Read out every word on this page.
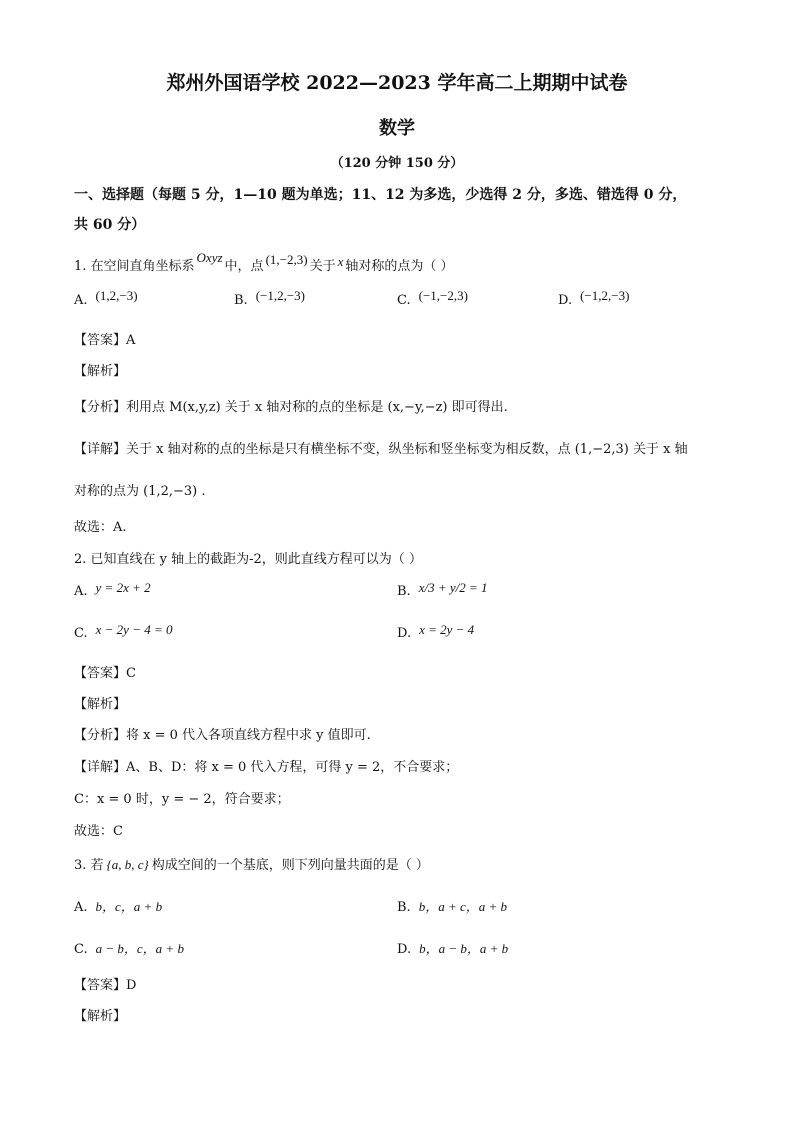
郑州外国语学校 2022—2023 学年高二上期期中试卷
数学
（120 分钟 150 分）
一、选择题（每题 5 分，1—10 题为单选；11、12 为多选，少选得 2 分，多选、错选得 0 分，
共 60 分）
1. 在空间直角坐标系Oxyz中，点 (1,−2,3) 关于 x 轴对称的点为（ ）
A. (1,2,−3)	B. (−1,2,−3)	C. (−1,−2,3)	D. (−1,2,−3)
【答案】A
【解析】
【分析】利用点 M(x,y,z) 关于 x 轴对称的点的坐标是 (x,−y,−z) 即可得出.
【详解】关于 x 轴对称的点的坐标是只有横坐标不变，纵坐标和竖坐标变为相反数，点 (1,−2,3) 关于 x 轴
对称的点为 (1,2,−3) .
故选：A.
2. 已知直线在 y 轴上的截距为-2，则此直线方程可以为（ ）
A. y = 2x + 2	B. x/3 + y/2 = 1
C. x − 2y − 4 = 0	D. x = 2y − 4
【答案】C
【解析】
【分析】将 x = 0 代入各项直线方程中求 y 值即可.
【详解】A、B、D：将 x = 0 代入方程，可得 y = 2，不合要求；
C：x = 0 时，y = − 2，符合要求；
故选：C
3. 若 {a, b, c} 构成空间的一个基底，则下列向量共面的是（ ）
A. b，c，a + b	B. b，a + c，a + b
C. a − b，c，a + b	D. b，a − b，a + b
【答案】D
【解析】
